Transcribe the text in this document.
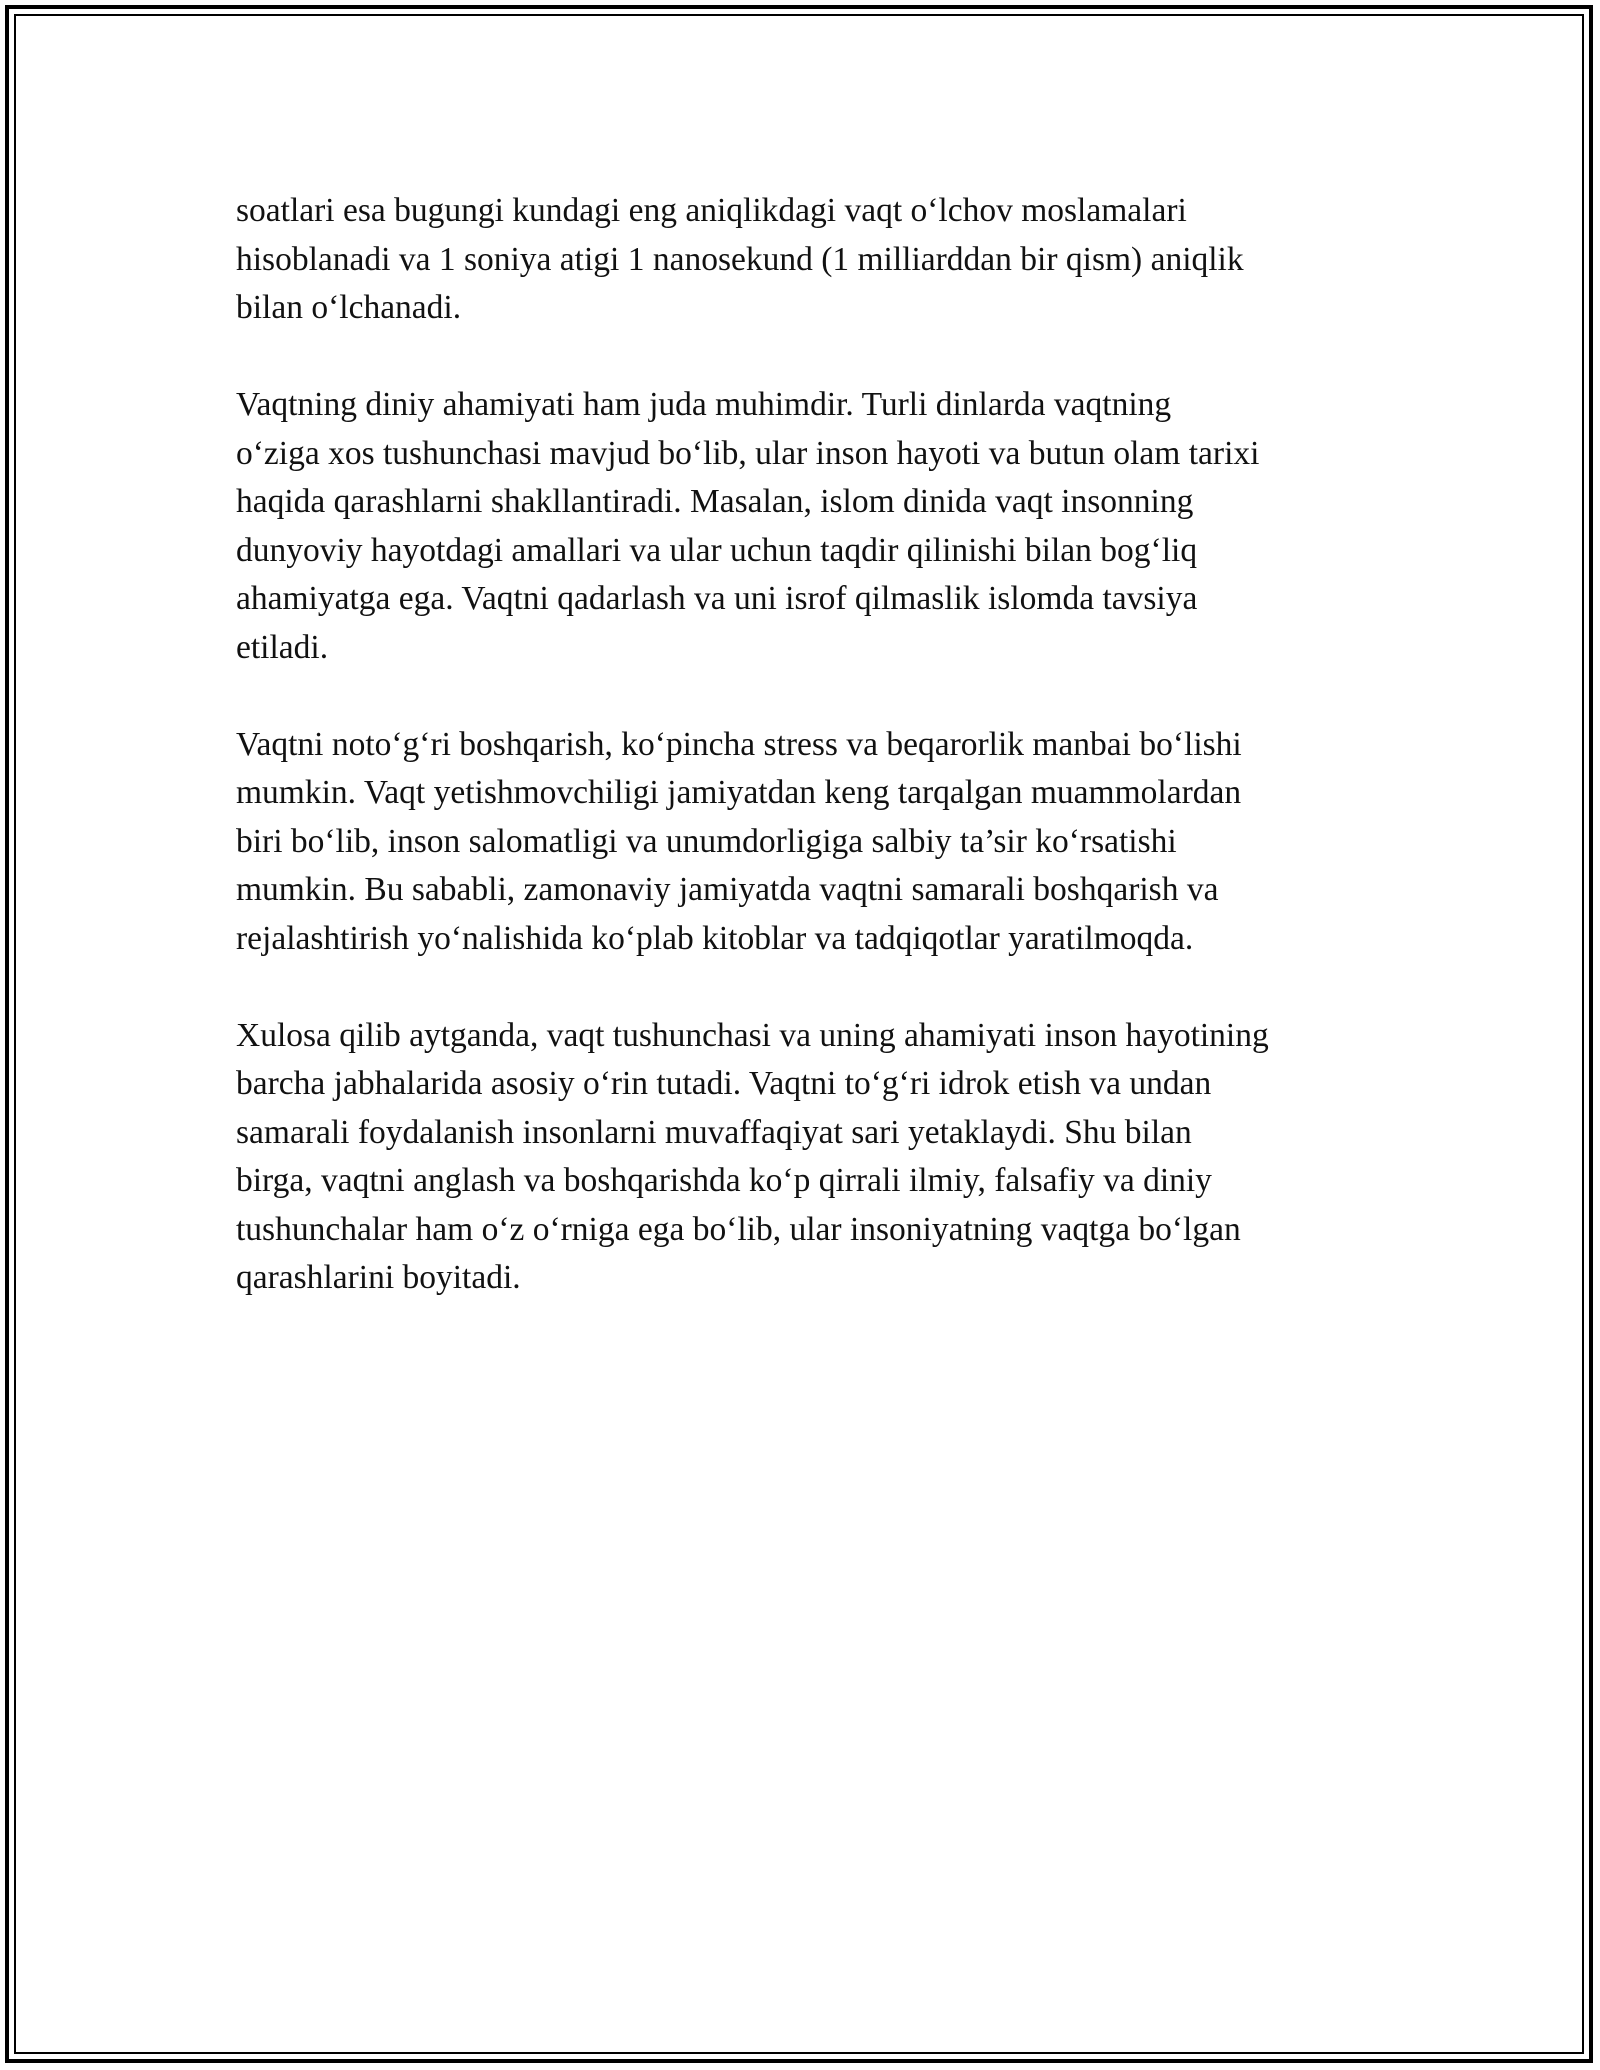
soatlari esa bugungi kundagi eng aniqlikdagi vaqt o‘lchov moslamalari
hisoblanadi va 1 soniya atigi 1 nanosekund (1 milliarddan bir qism) aniqlik
bilan o‘lchanadi.

Vaqtning diniy ahamiyati ham juda muhimdir. Turli dinlarda vaqtning
o‘ziga xos tushunchasi mavjud bo‘lib, ular inson hayoti va butun olam tarixi
haqida qarashlarni shakllantiradi. Masalan, islom dinida vaqt insonning
dunyoviy hayotdagi amallari va ular uchun taqdir qilinishi bilan bog‘liq
ahamiyatga ega. Vaqtni qadarlash va uni isrof qilmaslik islomda tavsiya
etiladi.

Vaqtni noto‘g‘ri boshqarish, ko‘pincha stress va beqarorlik manbai bo‘lishi
mumkin. Vaqt yetishmovchiligi jamiyatdan keng tarqalgan muammolardan
biri bo‘lib, inson salomatligi va unumdorligiga salbiy ta’sir ko‘rsatishi
mumkin. Bu sababli, zamonaviy jamiyatda vaqtni samarali boshqarish va
rejalashtirish yo‘nalishida ko‘plab kitoblar va tadqiqotlar yaratilmoqda.

Xulosa qilib aytganda, vaqt tushunchasi va uning ahamiyati inson hayotining
barcha jabhalarida asosiy o‘rin tutadi. Vaqtni to‘g‘ri idrok etish va undan
samarali foydalanish insonlarni muvaffaqiyat sari yetaklaydi. Shu bilan
birga, vaqtni anglash va boshqarishda ko‘p qirrali ilmiy, falsafiy va diniy
tushunchalar ham o‘z o‘rniga ega bo‘lib, ular insoniyatning vaqtga bo‘lgan
qarashlarini boyitadi.
